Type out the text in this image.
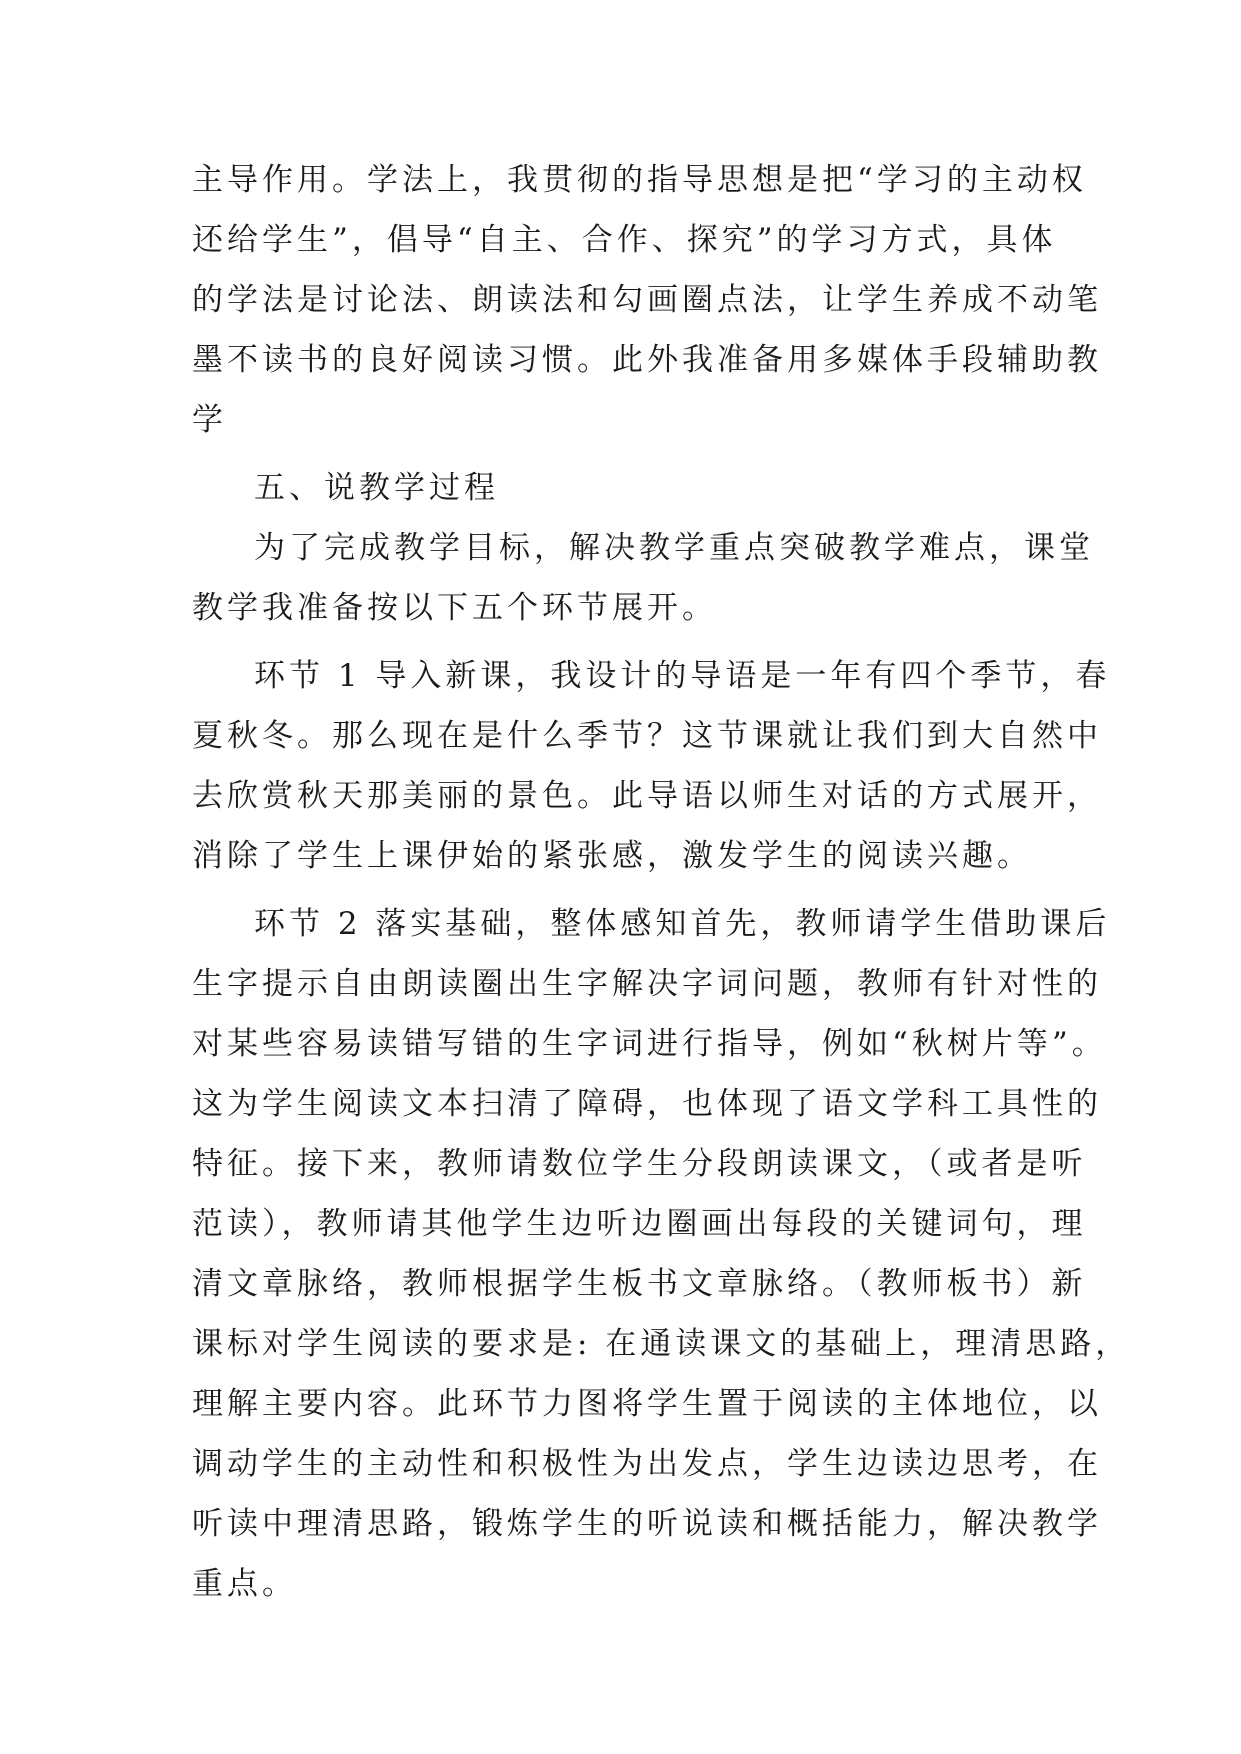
主导作用。学法上，我贯彻的指导思想是把“学习的主动权
还给学生”，倡导“自主、合作、探究”的学习方式，具体
的学法是讨论法、朗读法和勾画圈点法，让学生养成不动笔
墨不读书的良好阅读习惯。此外我准备用多媒体手段辅助教
学
五、说教学过程
为了完成教学目标，解决教学重点突破教学难点，课堂
教学我准备按以下五个环节展开。
环节 1 导入新课，我设计的导语是一年有四个季节，春
夏秋冬。那么现在是什么季节？这节课就让我们到大自然中
去欣赏秋天那美丽的景色。此导语以师生对话的方式展开，
消除了学生上课伊始的紧张感，激发学生的阅读兴趣。
环节 2 落实基础，整体感知首先，教师请学生借助课后
生字提示自由朗读圈出生字解决字词问题，教师有针对性的
对某些容易读错写错的生字词进行指导，例如“秋树片等”。
这为学生阅读文本扫清了障碍，也体现了语文学科工具性的
特征。接下来，教师请数位学生分段朗读课文，（或者是听
范读），教师请其他学生边听边圈画出每段的关键词句，理
清文章脉络，教师根据学生板书文章脉络。（教师板书）新
课标对学生阅读的要求是: 在通读课文的基础上，理清思路，
理解主要内容。此环节力图将学生置于阅读的主体地位，以
调动学生的主动性和积极性为出发点，学生边读边思考，在
听读中理清思路，锻炼学生的听说读和概括能力，解决教学
重点。
